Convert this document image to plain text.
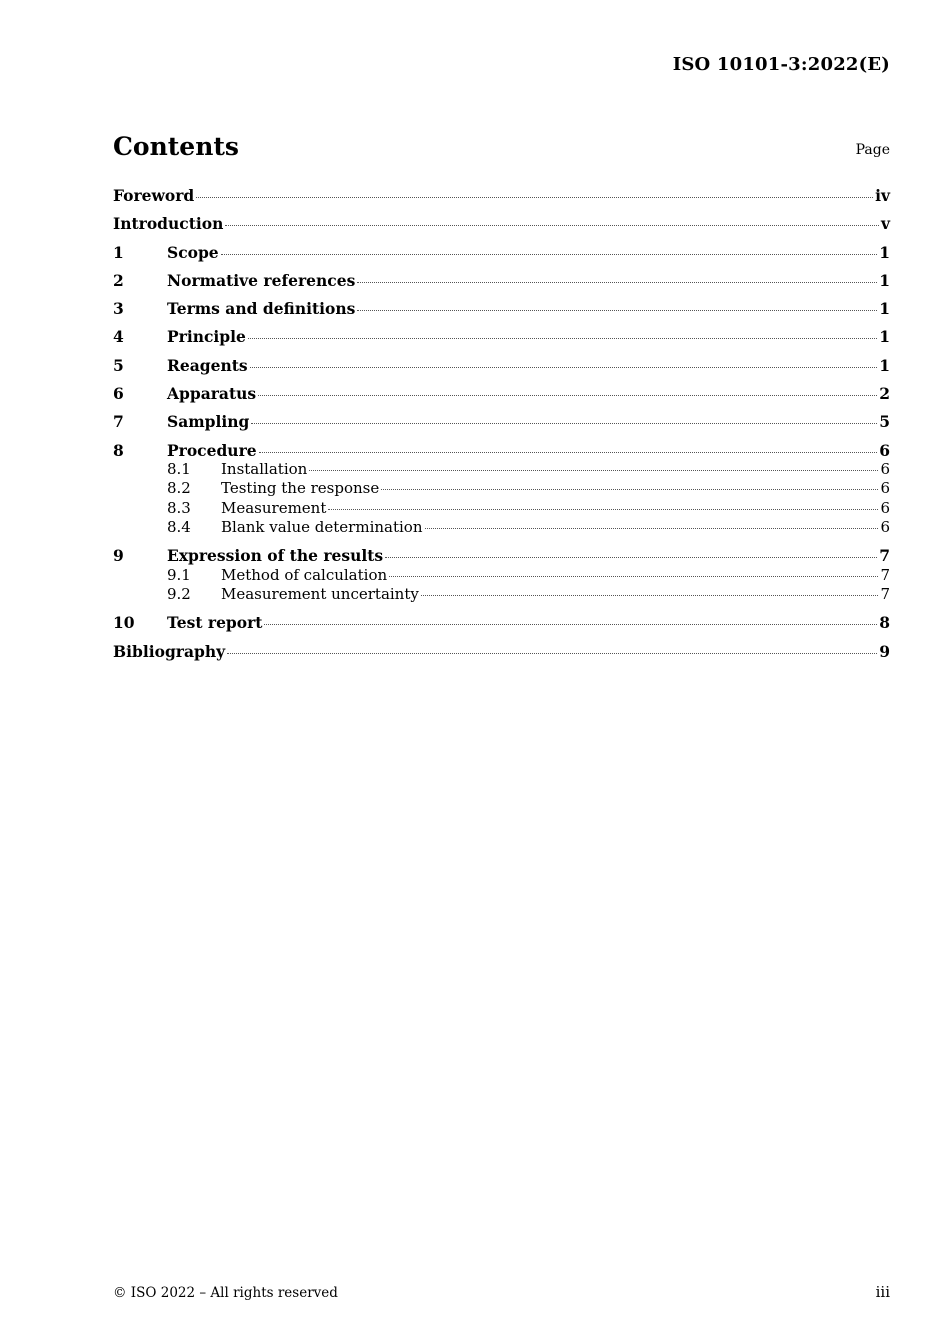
ISO 10101-3:2022(E)
Contents	Page
Foreword	iv
Introduction	v
1	Scope	1
2	Normative references	1
3	Terms and definitions	1
4	Principle	1
5	Reagents	1
6	Apparatus	2
7	Sampling	5
8	Procedure	6
8.1	Installation	6
8.2	Testing the response	6
8.3	Measurement	6
8.4	Blank value determination	6
9	Expression of the results	7
9.1	Method of calculation	7
9.2	Measurement uncertainty	7
10	Test report	8
Bibliography	9
© ISO 2022 – All rights reserved	iii
